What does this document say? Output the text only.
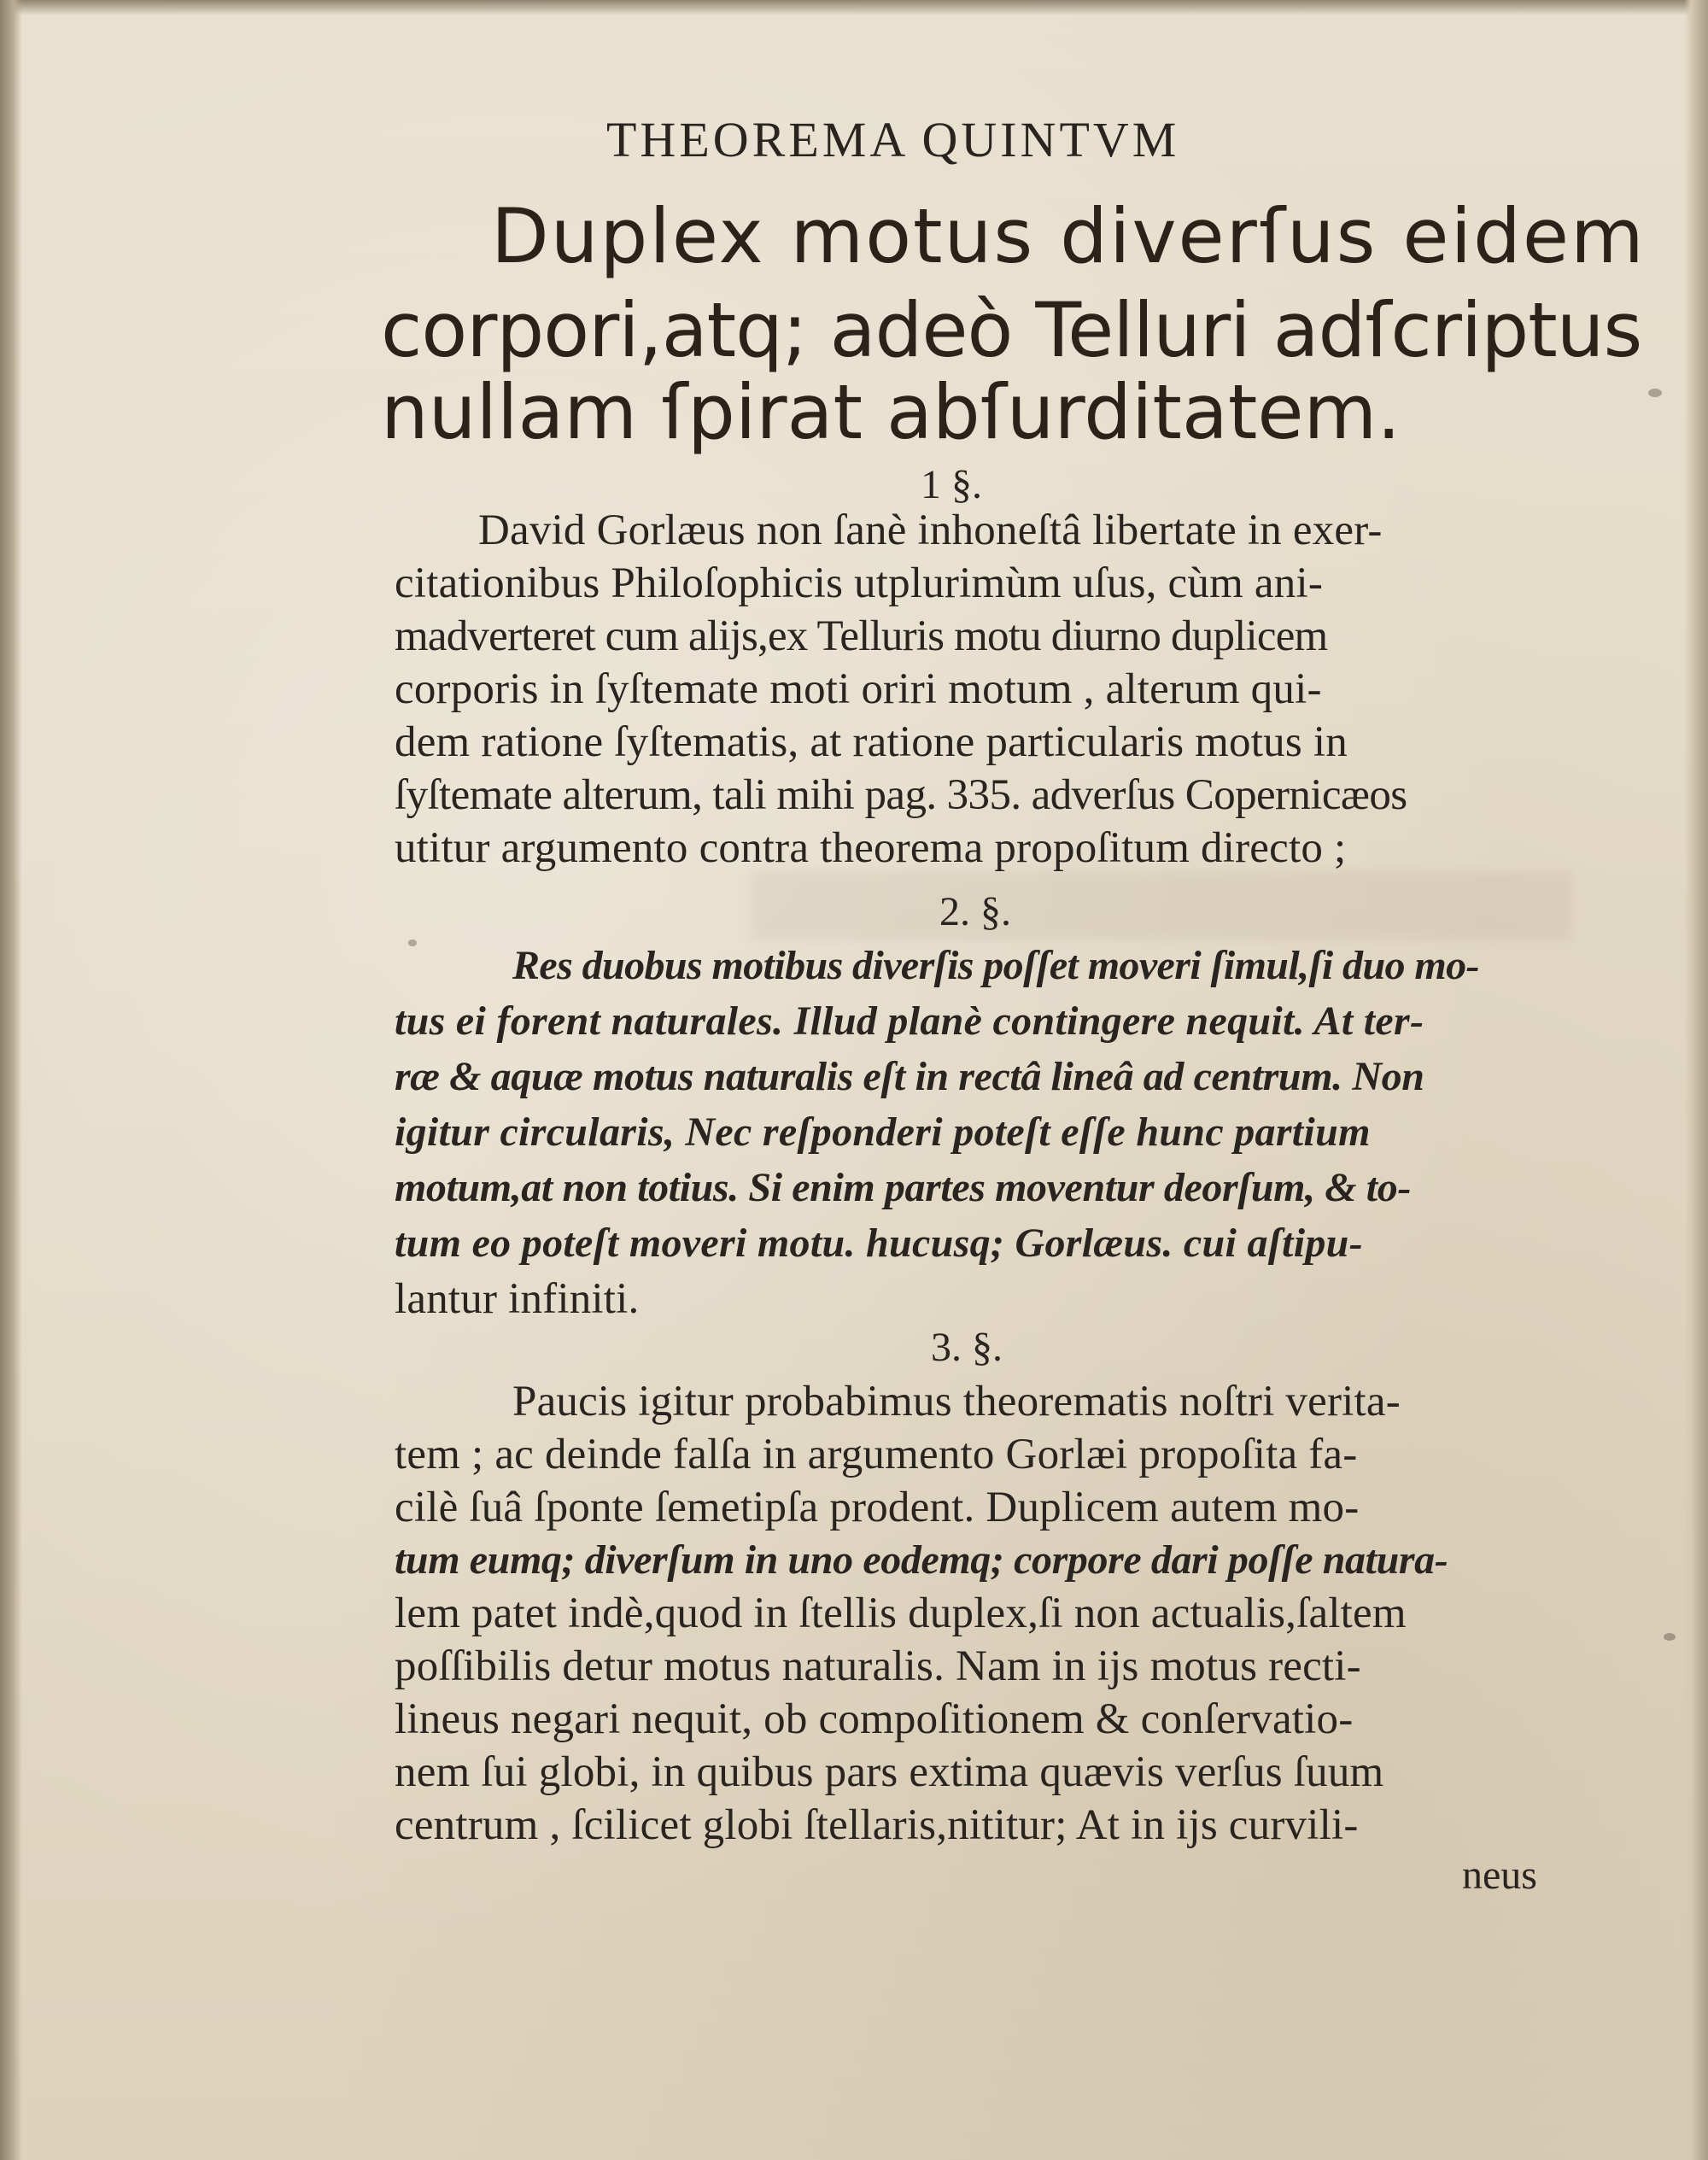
THEOREMA QUINTVM
Duplex motus diverſus eidem
corpori,atq; adeò Telluri adſcriptus
nullam ſpirat abſurditatem.
1 §.
David Gorlæus non ſanè inhoneſtâ libertate in exer-
citationibus Philoſophicis utplurimùm uſus, cùm ani-
madverteret cum alijs,ex Telluris motu diurno duplicem
corporis in ſyſtemate moti oriri motum , alterum qui-
dem ratione ſyſtematis, at ratione particularis motus in
ſyſtemate alterum, tali mihi pag. 335. adverſus Copernicæos
utitur argumento contra theorema propoſitum directo ;
2. §.
Res duobus motibus diverſis poſſet moveri ſimul,ſi duo mo-
tus ei forent naturales. Illud planè contingere nequit. At ter-
ræ & aquæ motus naturalis eſt in rectâ lineâ ad centrum. Non
igitur circularis, Nec reſponderi poteſt eſſe hunc partium
motum,at non totius. Si enim partes moventur deorſum, & to-
tum eo poteſt moveri motu. hucusq; Gorlæus. cui aſtipu-
lantur infiniti.
3. §.
Paucis igitur probabimus theorematis noſtri verita-
tem ; ac deinde falſa in argumento Gorlæi propoſita fa-
cilè ſuâ ſponte ſemetipſa prodent. Duplicem autem mo-
tum eumq; diverſum in uno eodemq; corpore dari poſſe natura-
lem patet indè,quod in ſtellis duplex,ſi non actualis,ſaltem
poſſibilis detur motus naturalis. Nam in ijs motus recti-
lineus negari nequit, ob compoſitionem & conſervatio-
nem ſui globi, in quibus pars extima quævis verſus ſuum
centrum , ſcilicet globi ſtellaris,nititur; At in ijs curvili-
neus
